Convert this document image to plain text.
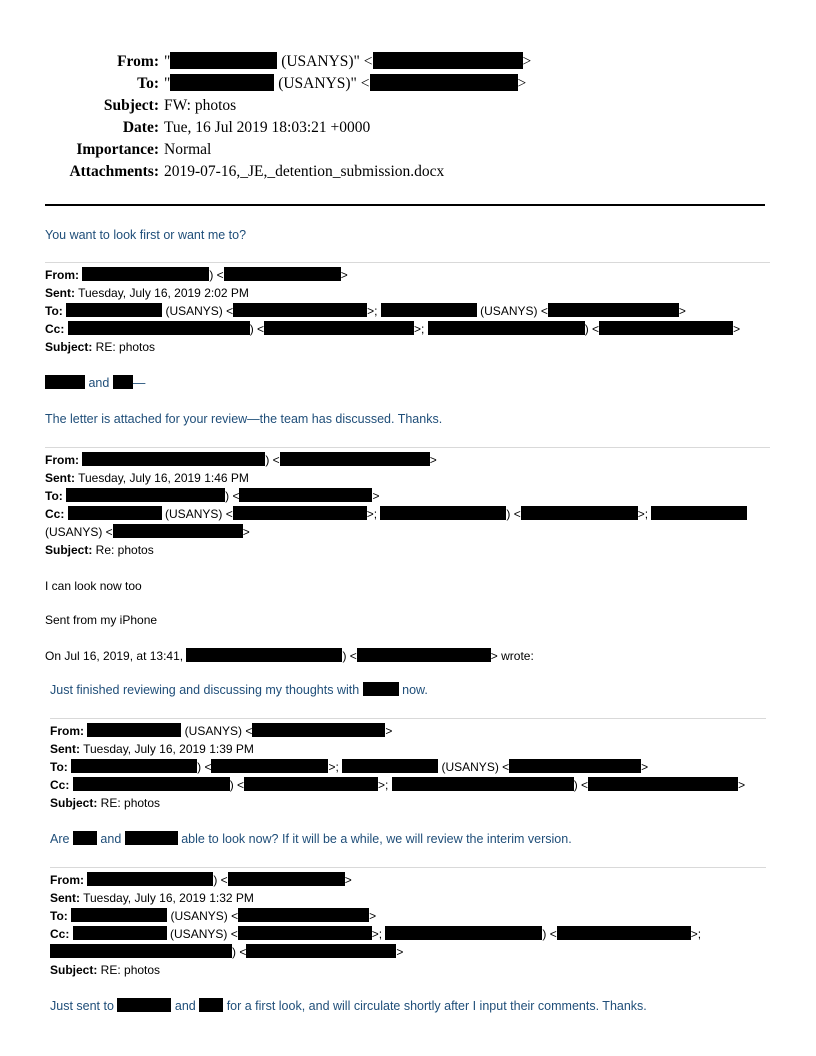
From: "	(USANYS)" <	>
To: "	(USANYS)" <	>
Subject: FW: photos
Date: Tue, 16 Jul 2019 18:03:21 +0000
Importance: Normal
Attachments: 2019-07-16,_JE,_detention_submission.docx
You want to look first or want me to?
From:	) <	>
Sent: Tuesday, July 16, 2019 2:02 PM
To:	(USANYS) <	>;	(USANYS) <	>
Cc:	) <	>;	) <	>
Subject: RE: photos
and —
The letter is attached for your review—the team has discussed. Thanks.
From:	) <	>
Sent: Tuesday, July 16, 2019 1:46 PM
To:	) <	>
Cc:	(USANYS) <	>;	) <	>;
(USANYS) <	>
Subject: Re: photos
I can look now too
Sent from my iPhone
On Jul 16, 2019, at 13:41,	) <	> wrote:
Just finished reviewing and discussing my thoughts with	now.
From:	(USANYS) <	>
Sent: Tuesday, July 16, 2019 1:39 PM
To:	) <	>;	(USANYS) <	>
Cc:	) <	>;	) <	>
Subject: RE: photos
Are  and	able to look now? If it will be a while, we will review the interim version.
From:	) <	>
Sent: Tuesday, July 16, 2019 1:32 PM
To:	(USANYS) <	>
Cc:	(USANYS) <	>;	) <	>;
) <	>
Subject: RE: photos
Just sent to	and  for a first look, and will circulate shortly after I input their comments. Thanks.
